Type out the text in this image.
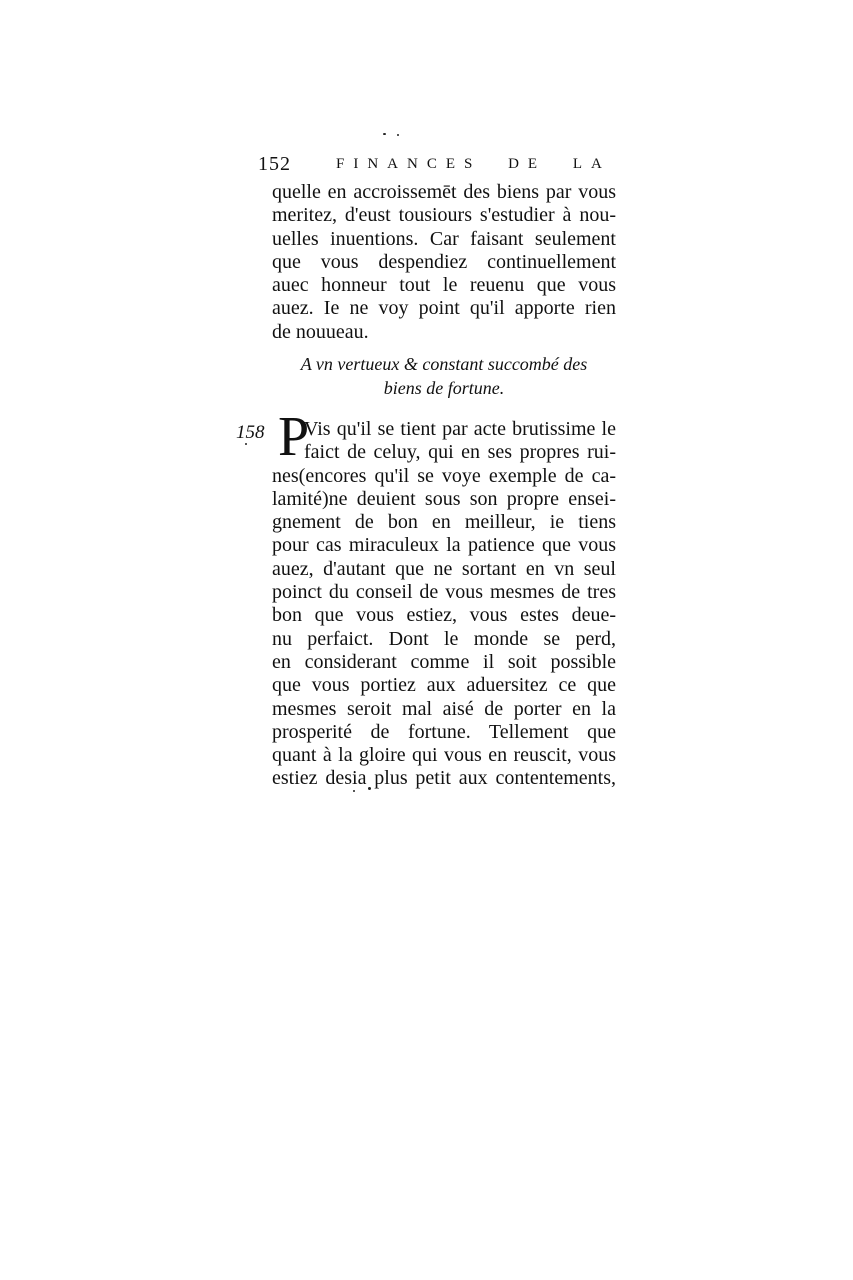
152	FINANCES DE LA
quelle en accroissemēt des biens par vous
meritez, d'eust tousiours s'estudier à nou-
uelles inuentions. Car faisant seulement
que vous despendiez continuellement
auec honneur tout le reuenu que vous
auez. Ie ne voy point qu'il apporte rien
de nouueau.
A vn vertueux & constant succombé des
biens de fortune.
158 P
Vis qu'il se tient par acte brutissime le
faict de celuy, qui en ses propres rui-
nes(encores qu'il se voye exemple de ca-
lamité)ne deuient sous son propre ensei-
gnement de bon en meilleur, ie tiens
pour cas miraculeux la patience que vous
auez, d'autant que ne sortant en vn seul
poinct du conseil de vous mesmes de tres
bon que vous estiez, vous estes deue-
nu perfaict. Dont le monde se perd,
en considerant comme il soit possible
que vous portiez aux aduersitez ce que
mesmes seroit mal aisé de porter en la
prosperité de fortune. Tellement que
quant à la gloire qui vous en reuscit, vous
estiez desia plus petit aux contentements,
